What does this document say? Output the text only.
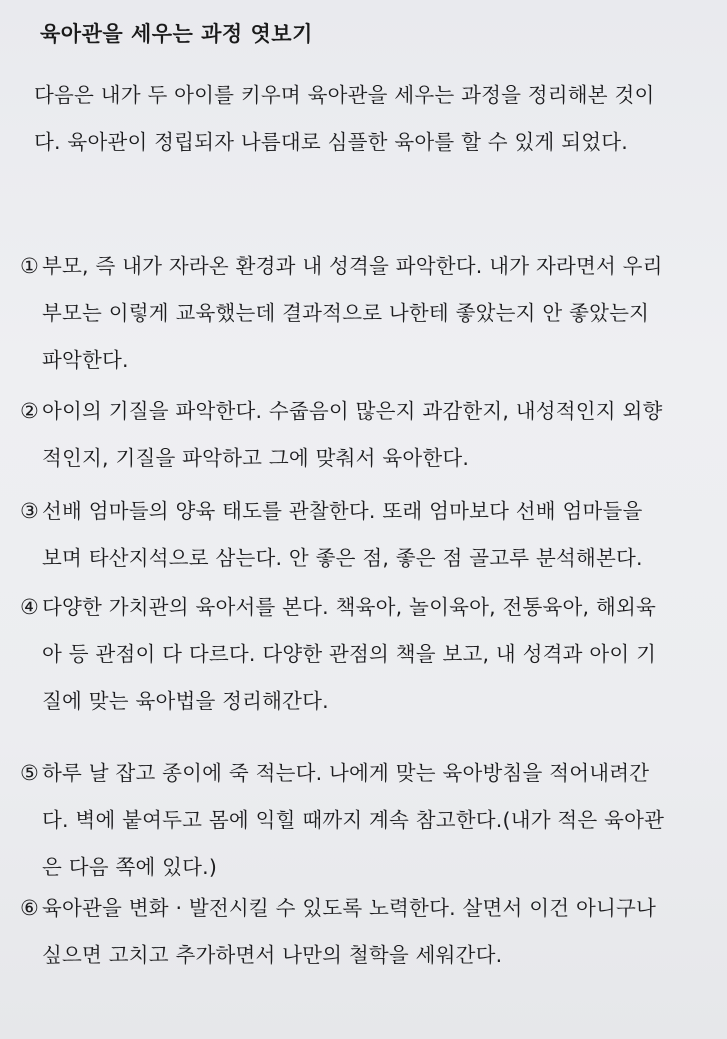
육아관을 세우는 과정 엿보기
다음은 내가 두 아이를 키우며 육아관을 세우는 과정을 정리해본 것이
다. 육아관이 정립되자 나름대로 심플한 육아를 할 수 있게 되었다.
① 부모, 즉 내가 자라온 환경과 내 성격을 파악한다. 내가 자라면서 우리
부모는 이렇게 교육했는데 결과적으로 나한테 좋았는지 안 좋았는지
파악한다.
② 아이의 기질을 파악한다. 수줍음이 많은지 과감한지, 내성적인지 외향
적인지, 기질을 파악하고 그에 맞춰서 육아한다.
③ 선배 엄마들의 양육 태도를 관찰한다. 또래 엄마보다 선배 엄마들을
보며 타산지석으로 삼는다. 안 좋은 점, 좋은 점 골고루 분석해본다.
④ 다양한 가치관의 육아서를 본다. 책육아, 놀이육아, 전통육아, 해외육
아 등 관점이 다 다르다. 다양한 관점의 책을 보고, 내 성격과 아이 기
질에 맞는 육아법을 정리해간다.
⑤ 하루 날 잡고 종이에 죽 적는다. 나에게 맞는 육아방침을 적어내려간
다. 벽에 붙여두고 몸에 익힐 때까지 계속 참고한다.(내가 적은 육아관
은 다음 쪽에 있다.)
⑥ 육아관을 변화 · 발전시킬 수 있도록 노력한다. 살면서 이건 아니구나
싶으면 고치고 추가하면서 나만의 철학을 세워간다.
